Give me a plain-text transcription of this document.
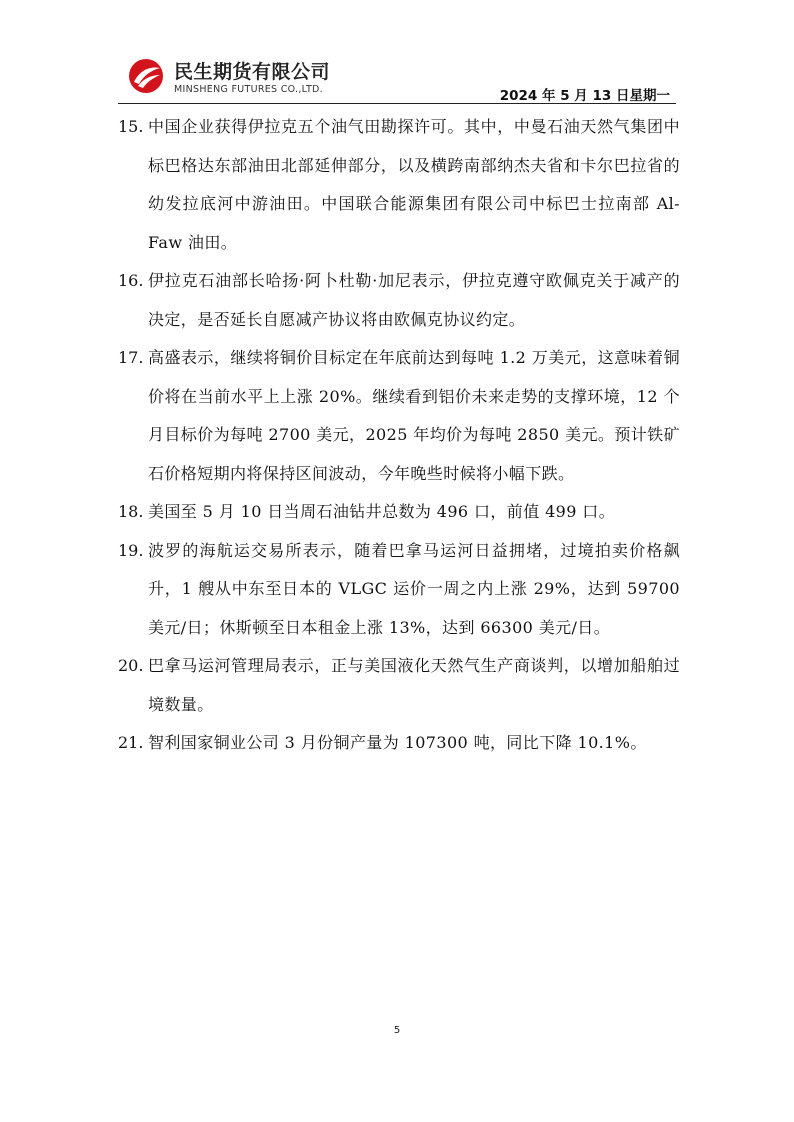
民生期货有限公司
MINSHENG FUTURES CO.,LTD.	2024 年 5 月 13 日星期一
15. 中国企业获得伊拉克五个油气田勘探许可。其中，中曼石油天然气集团中标巴格达东部油田北部延伸部分，以及横跨南部纳杰夫省和卡尔巴拉省的幼发拉底河中游油田。中国联合能源集团有限公司中标巴士拉南部 Al-Faw 油田。
16. 伊拉克石油部长哈扬·阿卜杜勒·加尼表示，伊拉克遵守欧佩克关于减产的决定，是否延长自愿减产协议将由欧佩克协议约定。
17. 高盛表示，继续将铜价目标定在年底前达到每吨 1.2 万美元，这意味着铜价将在当前水平上上涨 20%。继续看到铝价未来走势的支撑环境，12 个月目标价为每吨 2700 美元，2025 年均价为每吨 2850 美元。预计铁矿石价格短期内将保持区间波动，今年晚些时候将小幅下跌。
18. 美国至 5 月 10 日当周石油钻井总数为 496 口，前值 499 口。
19. 波罗的海航运交易所表示，随着巴拿马运河日益拥堵，过境拍卖价格飙升，1 艘从中东至日本的 VLGC 运价一周之内上涨 29%，达到 59700 美元/日；休斯顿至日本租金上涨 13%，达到 66300 美元/日。
20. 巴拿马运河管理局表示，正与美国液化天然气生产商谈判，以增加船舶过境数量。
21. 智利国家铜业公司 3 月份铜产量为 107300 吨，同比下降 10.1%。
5
